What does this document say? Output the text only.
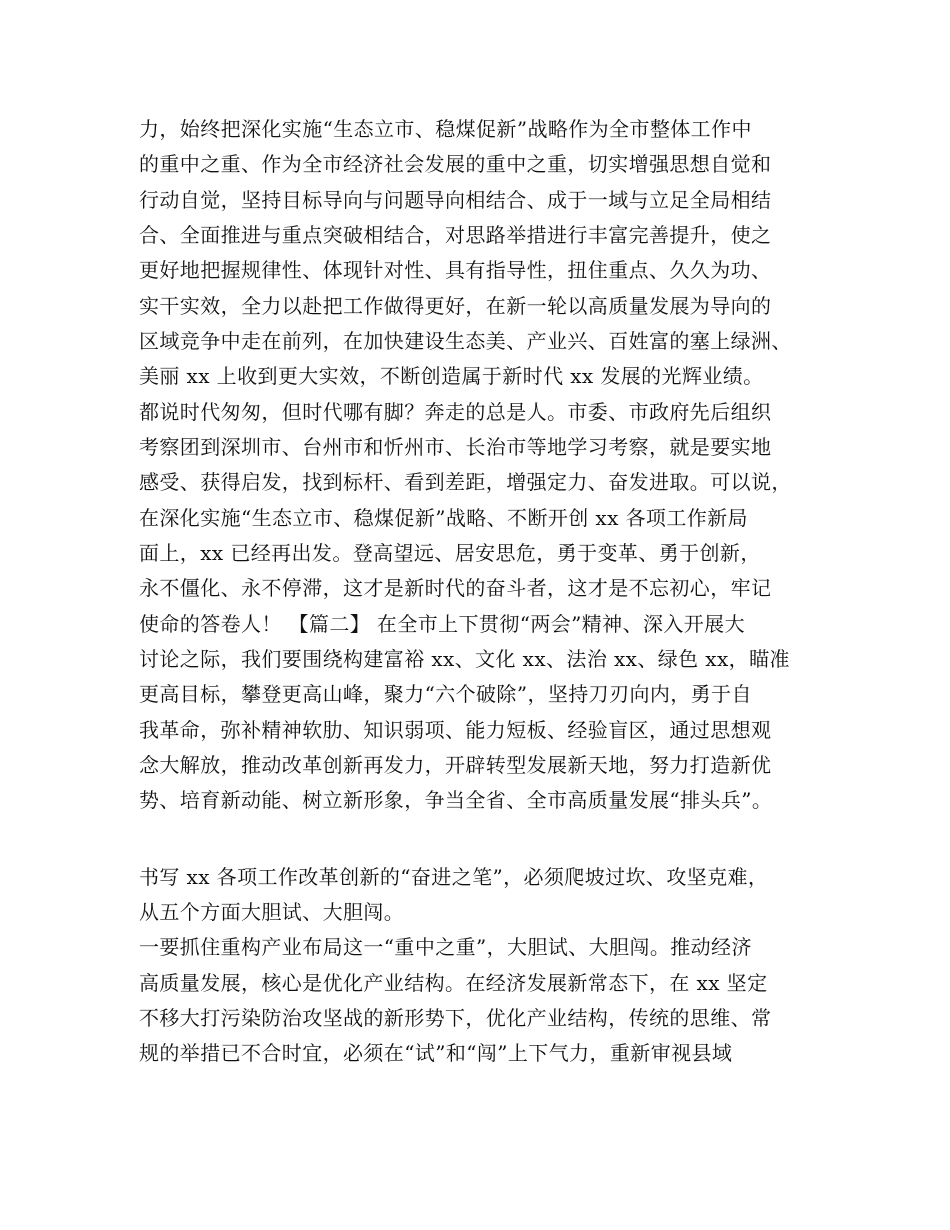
力，始终把深化实施“生态立市、稳煤促新”战略作为全市整体工作中
的重中之重、作为全市经济社会发展的重中之重，切实增强思想自觉和
行动自觉，坚持目标导向与问题导向相结合、成于一域与立足全局相结
合、全面推进与重点突破相结合，对思路举措进行丰富完善提升，使之
更好地把握规律性、体现针对性、具有指导性，扭住重点、久久为功、
实干实效，全力以赴把工作做得更好，在新一轮以高质量发展为导向的
区域竞争中走在前列，在加快建设生态美、产业兴、百姓富的塞上绿洲、
美丽 xx 上收到更大实效，不断创造属于新时代 xx 发展的光辉业绩。
都说时代匆匆，但时代哪有脚？奔走的总是人。市委、市政府先后组织
考察团到深圳市、台州市和忻州市、长治市等地学习考察，就是要实地
感受、获得启发，找到标杆、看到差距，增强定力、奋发进取。可以说，
在深化实施“生态立市、稳煤促新”战略、不断开创 xx 各项工作新局
面上，xx 已经再出发。登高望远、居安思危，勇于变革、勇于创新，
永不僵化、永不停滞，这才是新时代的奋斗者，这才是不忘初心，牢记
使命的答卷人！ 【篇二】 在全市上下贯彻“两会”精神、深入开展大
讨论之际，我们要围绕构建富裕 xx、文化 xx、法治 xx、绿色 xx，瞄准
更高目标，攀登更高山峰，聚力“六个破除”，坚持刀刃向内，勇于自
我革命，弥补精神软肋、知识弱项、能力短板、经验盲区，通过思想观
念大解放，推动改革创新再发力，开辟转型发展新天地，努力打造新优
势、培育新动能、树立新形象，争当全省、全市高质量发展“排头兵”。
书写 xx 各项工作改革创新的“奋进之笔”，必须爬坡过坎、攻坚克难，
从五个方面大胆试、大胆闯。
一要抓住重构产业布局这一“重中之重”，大胆试、大胆闯。推动经济
高质量发展，核心是优化产业结构。在经济发展新常态下，在 xx 坚定
不移大打污染防治攻坚战的新形势下，优化产业结构，传统的思维、常
规的举措已不合时宜，必须在“试”和“闯”上下气力，重新审视县域
